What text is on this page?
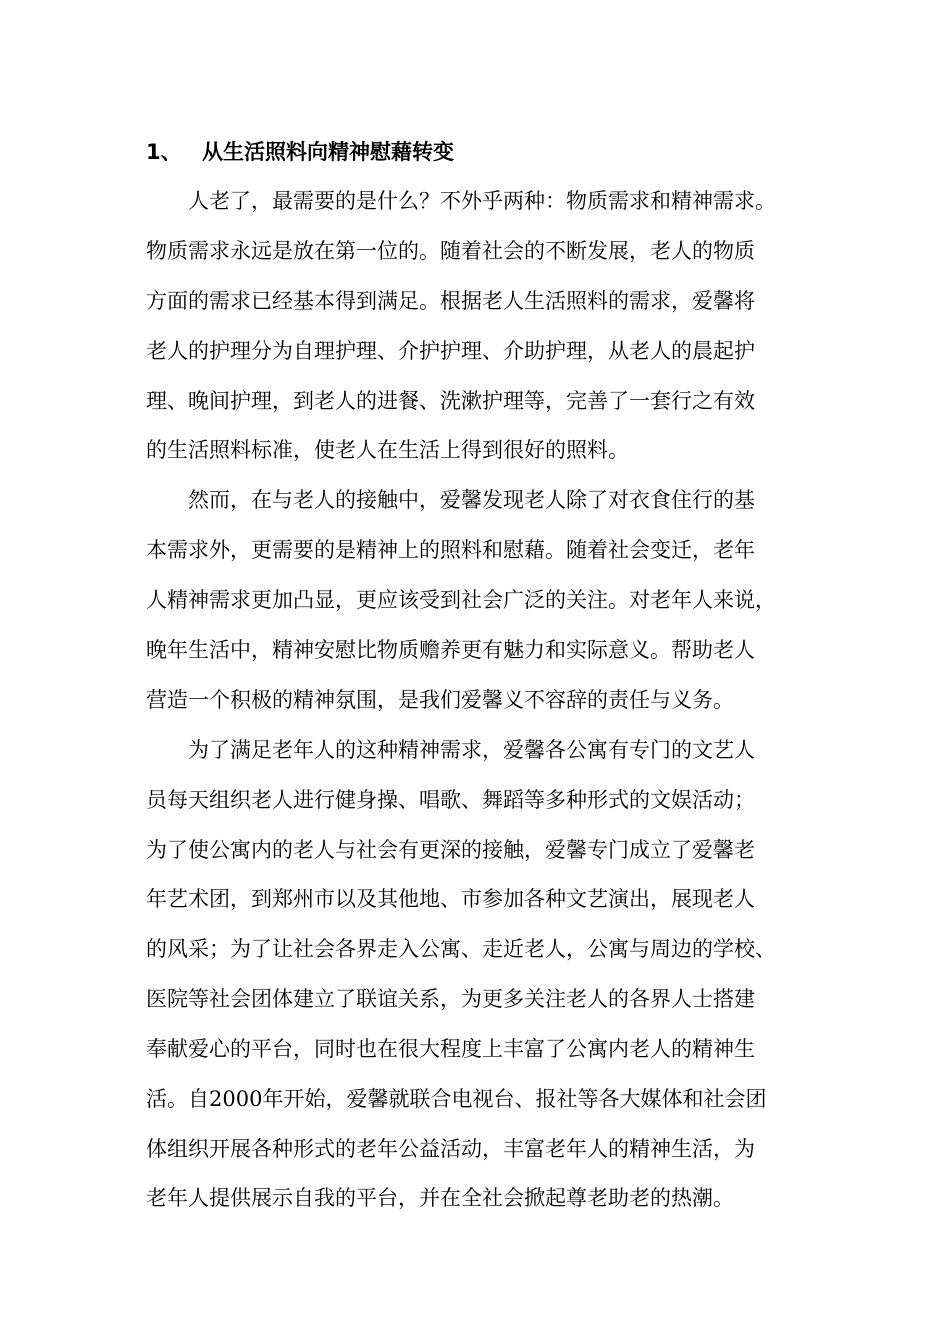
1、 从生活照料向精神慰藉转变
人老了，最需要的是什么？不外乎两种：物质需求和精神需求。
物质需求永远是放在第一位的。随着社会的不断发展，老人的物质
方面的需求已经基本得到满足。根据老人生活照料的需求，爱馨将
老人的护理分为自理护理、介护护理、介助护理，从老人的晨起护
理、晚间护理，到老人的进餐、洗漱护理等，完善了一套行之有效
的生活照料标准，使老人在生活上得到很好的照料。
然而，在与老人的接触中，爱馨发现老人除了对衣食住行的基
本需求外，更需要的是精神上的照料和慰藉。随着社会变迁，老年
人精神需求更加凸显，更应该受到社会广泛的关注。对老年人来说，
晚年生活中，精神安慰比物质赡养更有魅力和实际意义。帮助老人
营造一个积极的精神氛围，是我们爱馨义不容辞的责任与义务。
为了满足老年人的这种精神需求，爱馨各公寓有专门的文艺人
员每天组织老人进行健身操、唱歌、舞蹈等多种形式的文娱活动；
为了使公寓内的老人与社会有更深的接触，爱馨专门成立了爱馨老
年艺术团，到郑州市以及其他地、市参加各种文艺演出，展现老人
的风采；为了让社会各界走入公寓、走近老人，公寓与周边的学校、
医院等社会团体建立了联谊关系，为更多关注老人的各界人士搭建
奉献爱心的平台，同时也在很大程度上丰富了公寓内老人的精神生
活。自2000年开始，爱馨就联合电视台、报社等各大媒体和社会团
体组织开展各种形式的老年公益活动，丰富老年人的精神生活，为
老年人提供展示自我的平台，并在全社会掀起尊老助老的热潮。
